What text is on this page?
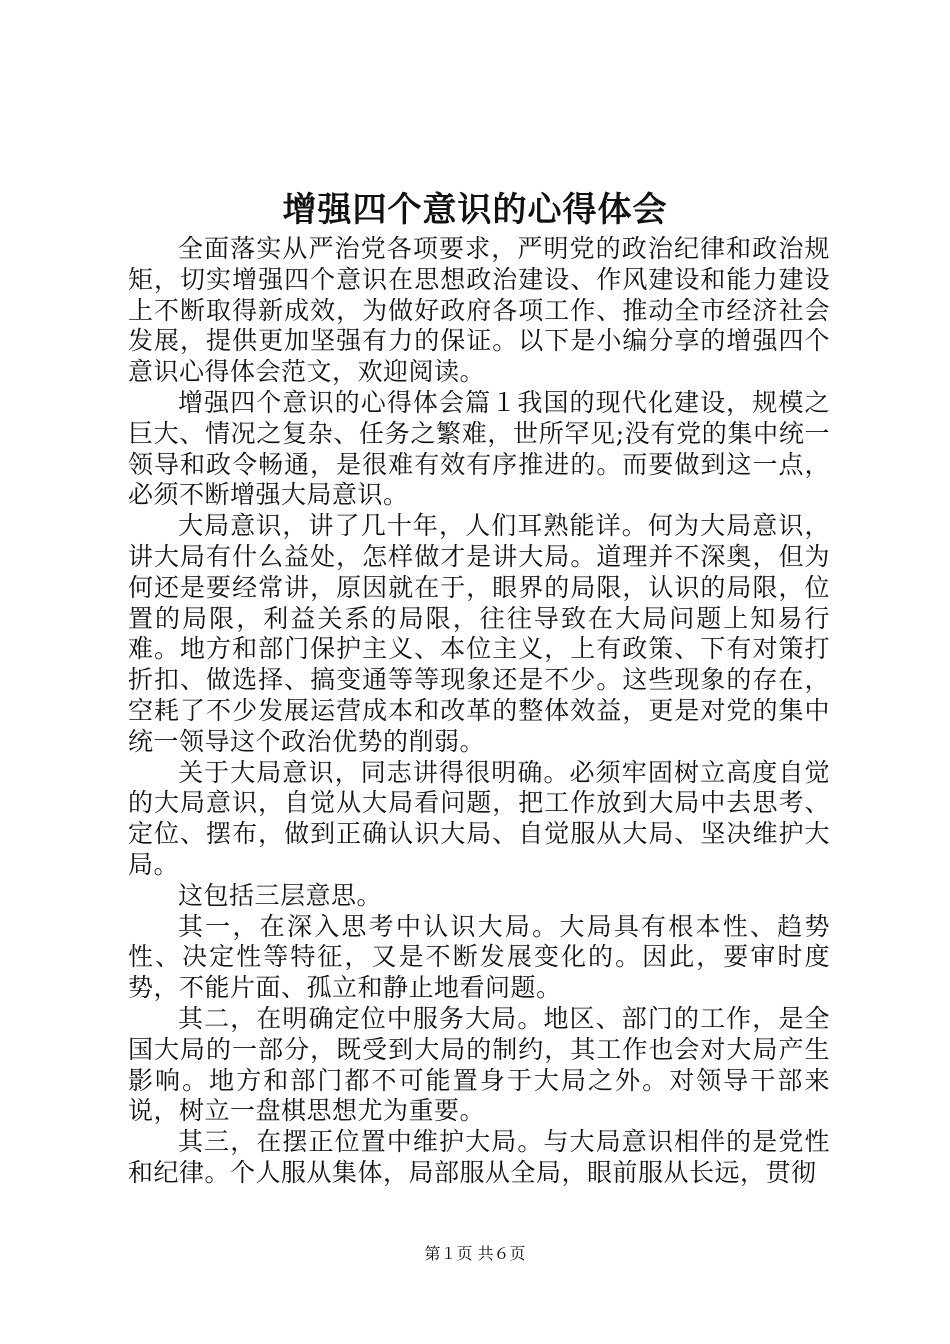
增强四个意识的心得体会

全面落实从严治党各项要求，严明党的政治纪律和政治规矩，切实增强四个意识在思想政治建设、作风建设和能力建设上不断取得新成效，为做好政府各项工作、推动全市经济社会发展，提供更加坚强有力的保证。以下是小编分享的增强四个意识心得体会范文，欢迎阅读。

增强四个意识的心得体会篇１我国的现代化建设，规模之巨大、情况之复杂、任务之繁难，世所罕见;没有党的集中统一领导和政令畅通，是很难有效有序推进的。而要做到这一点，必须不断增强大局意识。

大局意识，讲了几十年，人们耳熟能详。何为大局意识，讲大局有什么益处，怎样做才是讲大局。道理并不深奥，但为何还是要经常讲，原因就在于，眼界的局限，认识的局限，位置的局限，利益关系的局限，往往导致在大局问题上知易行难。地方和部门保护主义、本位主义，上有政策、下有对策打折扣、做选择、搞变通等等现象还是不少。这些现象的存在，空耗了不少发展运营成本和改革的整体效益，更是对党的集中统一领导这个政治优势的削弱。

关于大局意识，同志讲得很明确。必须牢固树立高度自觉的大局意识，自觉从大局看问题，把工作放到大局中去思考、定位、摆布，做到正确认识大局、自觉服从大局、坚决维护大局。

这包括三层意思。

其一，在深入思考中认识大局。大局具有根本性、趋势性、决定性等特征，又是不断发展变化的。因此，要审时度势，不能片面、孤立和静止地看问题。

其二，在明确定位中服务大局。地区、部门的工作，是全国大局的一部分，既受到大局的制约，其工作也会对大局产生影响。地方和部门都不可能置身于大局之外。对领导干部来说，树立一盘棋思想尤为重要。

其三，在摆正位置中维护大局。与大局意识相伴的是党性和纪律。个人服从集体，局部服从全局，眼前服从长远，贯彻

第１页 共６页
